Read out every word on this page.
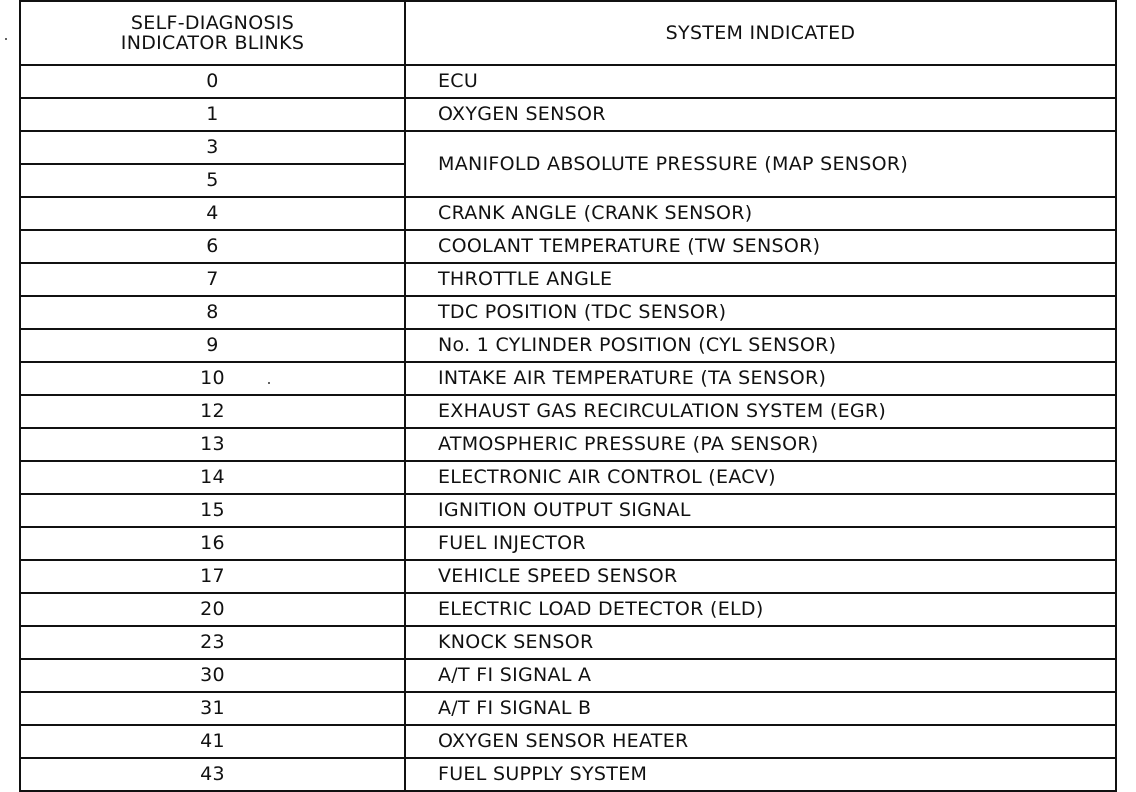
SELF-DIAGNOSIS
INDICATOR BLINKS	SYSTEM INDICATED
0	ECU
1	OXYGEN SENSOR
3	MANIFOLD ABSOLUTE PRESSURE (MAP SENSOR)
5	
4	CRANK ANGLE (CRANK SENSOR)
6	COOLANT TEMPERATURE (TW SENSOR)
7	THROTTLE ANGLE
8	TDC POSITION (TDC SENSOR)
9	No. 1 CYLINDER POSITION (CYL SENSOR)
10	INTAKE AIR TEMPERATURE (TA SENSOR)
12	EXHAUST GAS RECIRCULATION SYSTEM (EGR)
13	ATMOSPHERIC PRESSURE (PA SENSOR)
14	ELECTRONIC AIR CONTROL (EACV)
15	IGNITION OUTPUT SIGNAL
16	FUEL INJECTOR
17	VEHICLE SPEED SENSOR
20	ELECTRIC LOAD DETECTOR (ELD)
23	KNOCK SENSOR
30	A/T FI SIGNAL A
31	A/T FI SIGNAL B
41	OXYGEN SENSOR HEATER
43	FUEL SUPPLY SYSTEM
